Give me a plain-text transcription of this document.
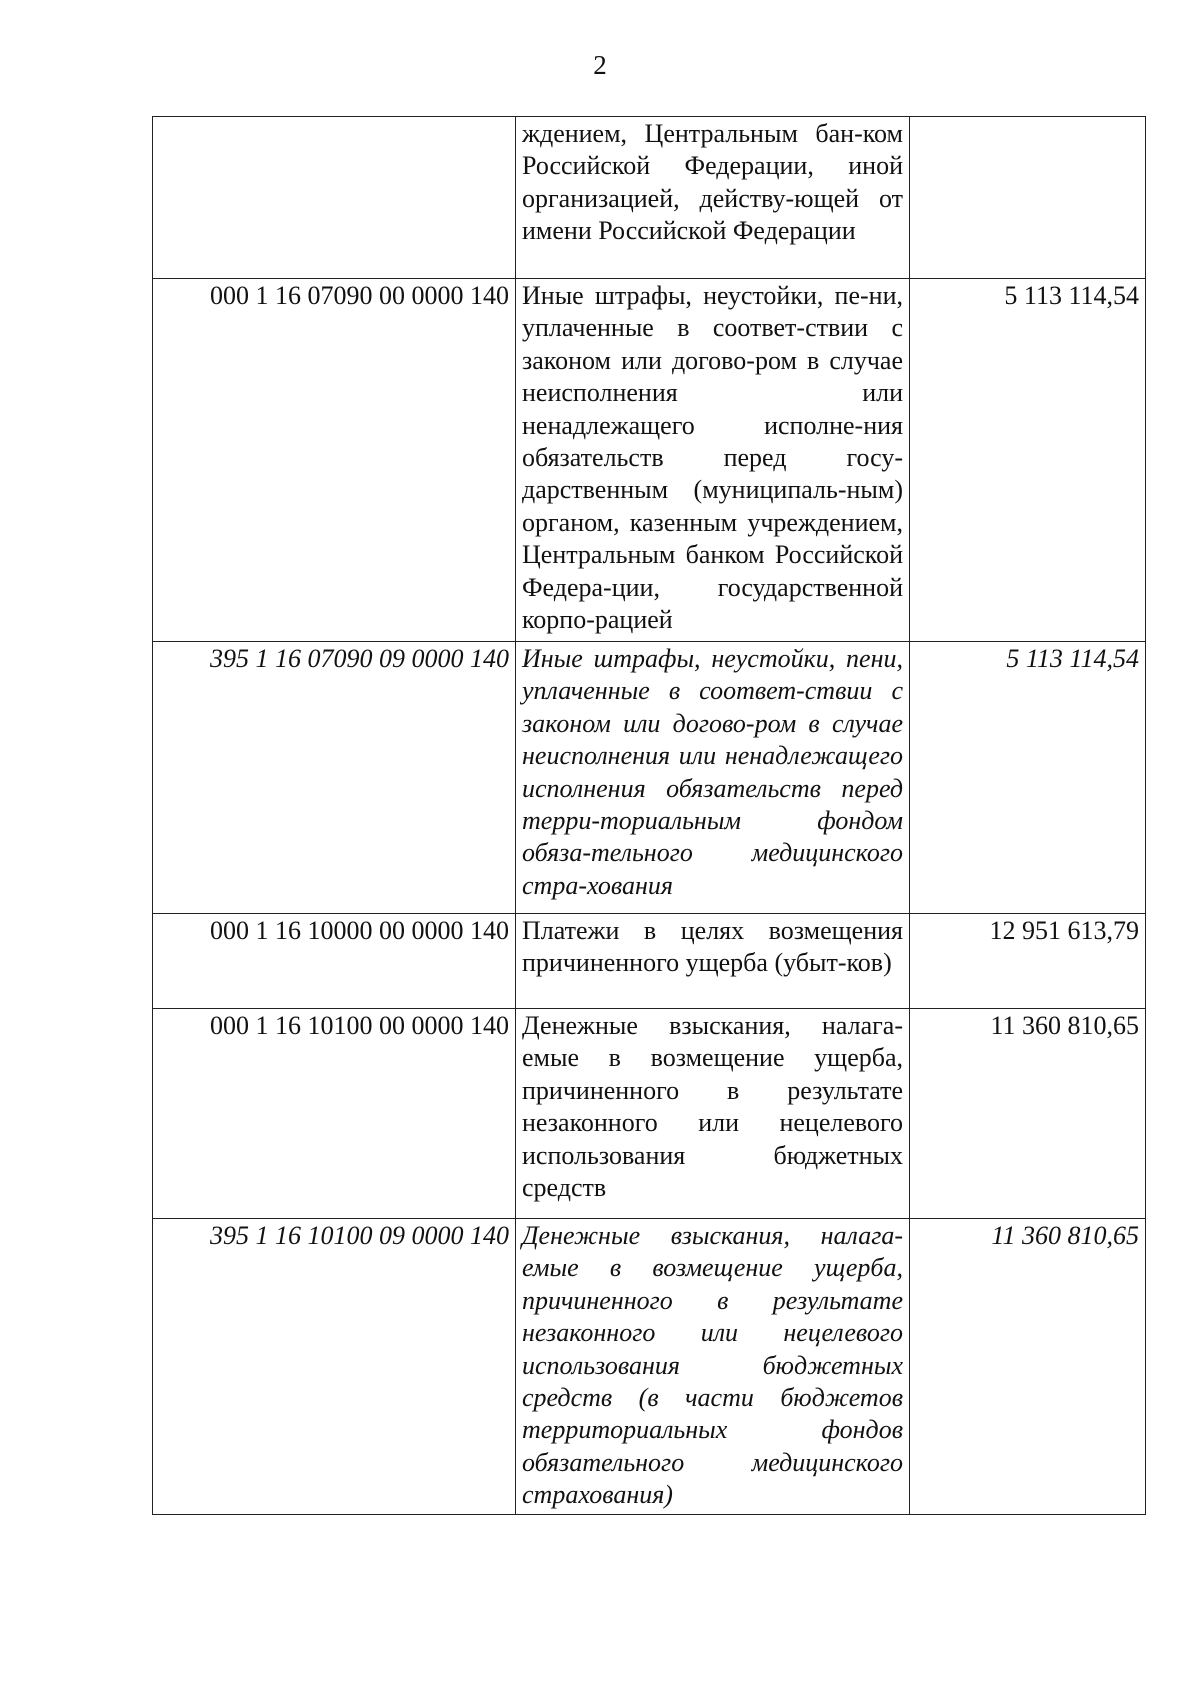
2
	ждением, Центральным бан-ком Российской Федерации, иной организацией, действу-ющей от имени Российской Федерации	
000 1 16 07090 00 0000 140	Иные штрафы, неустойки, пе-ни, уплаченные в соответ-ствии с законом или догово-ром в случае неисполнения или ненадлежащего исполне-ния обязательств перед госу-дарственным (муниципаль-ным) органом, казенным учреждением, Центральным банком Российской Федера-ции, государственной корпо-рацией	5 113 114,54
395 1 16 07090 09 0000 140	Иные штрафы, неустойки, пени, уплаченные в соответ-ствии с законом или догово-ром в случае неисполнения или ненадлежащего исполнения обязательств перед терри-ториальным фондом обяза-тельного медицинского стра-хования	5 113 114,54
000 1 16 10000 00 0000 140	Платежи в целях возмещения причиненного ущерба (убыт-ков)	12 951 613,79
000 1 16 10100 00 0000 140	Денежные взыскания, налага-емые в возмещение ущерба, причиненного в результате незаконного или нецелевого использования бюджетных средств	11 360 810,65
395 1 16 10100 09 0000 140	Денежные взыскания, налага-емые в возмещение ущерба, причиненного в результате незаконного или нецелевого использования бюджетных средств (в части бюджетов территориальных фондов обязательного медицинского страхования)	11 360 810,65
